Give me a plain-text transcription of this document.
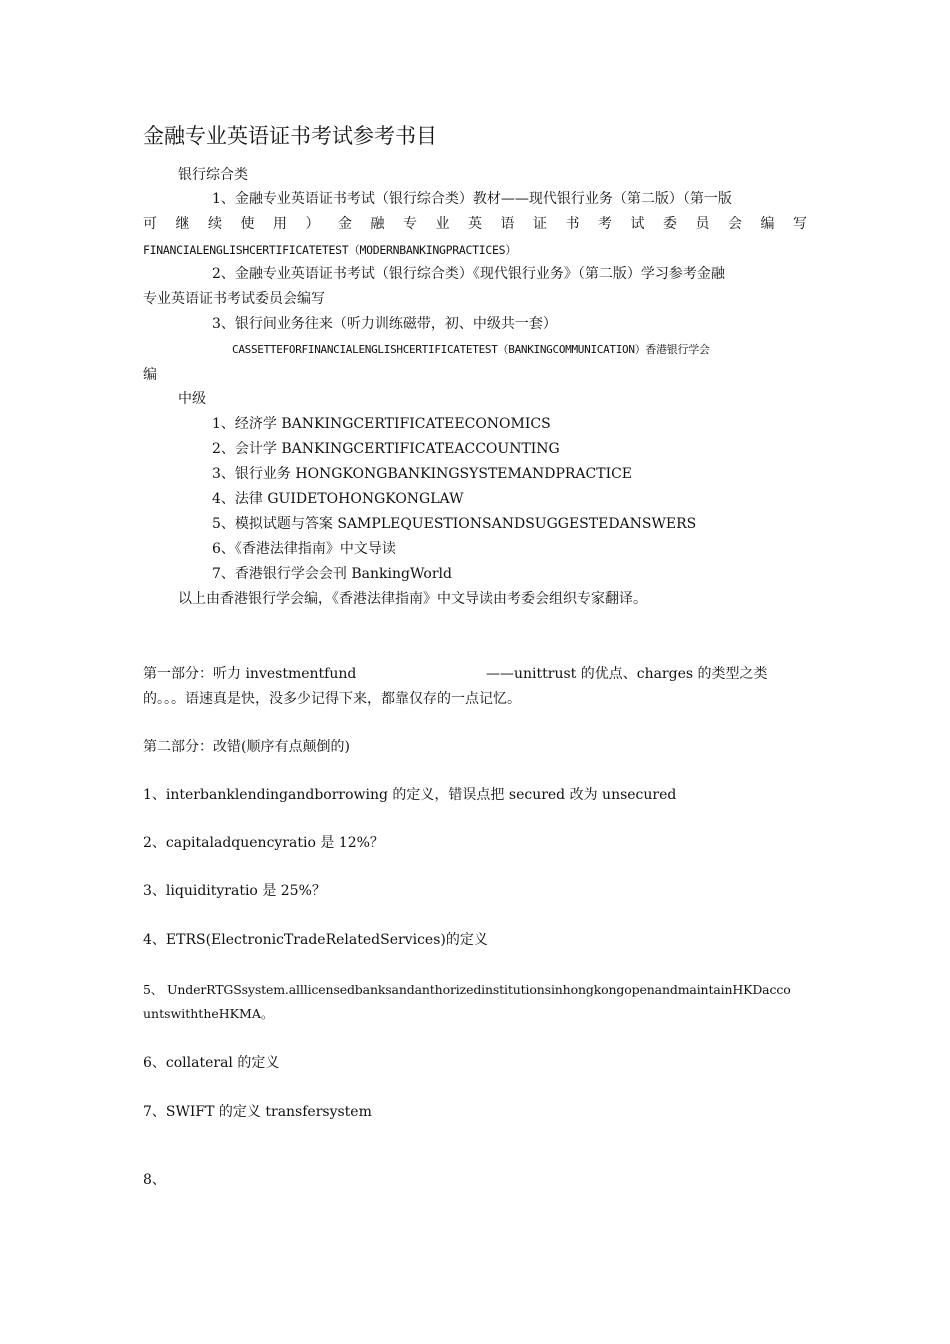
金融专业英语证书考试参考书目
银行综合类
1、金融专业英语证书考试（银行综合类）教材——现代银行业务（第二版）（第一版
可 继 续 使 用 ） 金 融 专 业 英 语 证 书 考 试 委 员 会 编 写
FINANCIALENGLISHCERTIFICATETEST（MODERNBANKINGPRACTICES）
2、金融专业英语证书考试（银行综合类）《现代银行业务》（第二版）学习参考金融
专业英语证书考试委员会编写
3、银行间业务往来（听力训练磁带，初、中级共一套）
CASSETTEFORFINANCIALENGLISHCERTIFICATETEST（BANKINGCOMMUNICATION）香港银行学会
编
中级
1、经济学 BANKINGCERTIFICATEECONOMICS
2、会计学 BANKINGCERTIFICATEACCOUNTING
3、银行业务 HONGKONGBANKINGSYSTEMANDPRACTICE
4、法律 GUIDETOHONGKONGLAW
5、模拟试题与答案 SAMPLEQUESTIONSANDSUGGESTEDANSWERS
6、《香港法律指南》中文导读
7、香港银行学会会刊 BankingWorld
以上由香港银行学会编，《香港法律指南》中文导读由考委会组织专家翻译。
第一部分：听力 investmentfund	——unittrust 的优点、charges 的类型之类
的。。。语速真是快，没多少记得下来，都靠仅存的一点记忆。
第二部分：改错(顺序有点颠倒的)
1、interbanklendingandborrowing 的定义，错误点把 secured 改为 unsecured
2、capitaladquencyratio 是 12%？
3、liquidityratio 是 25%？
4、ETRS(ElectronicTradeRelatedServices)的定义
5、 UnderRTGSsystem.alllicensedbanksandanthorizedinstitutionsinhongkongopenandmaintainHKDacco
untswiththeHKMA。
6、collateral 的定义
7、SWIFT 的定义 transfersystem
8、
